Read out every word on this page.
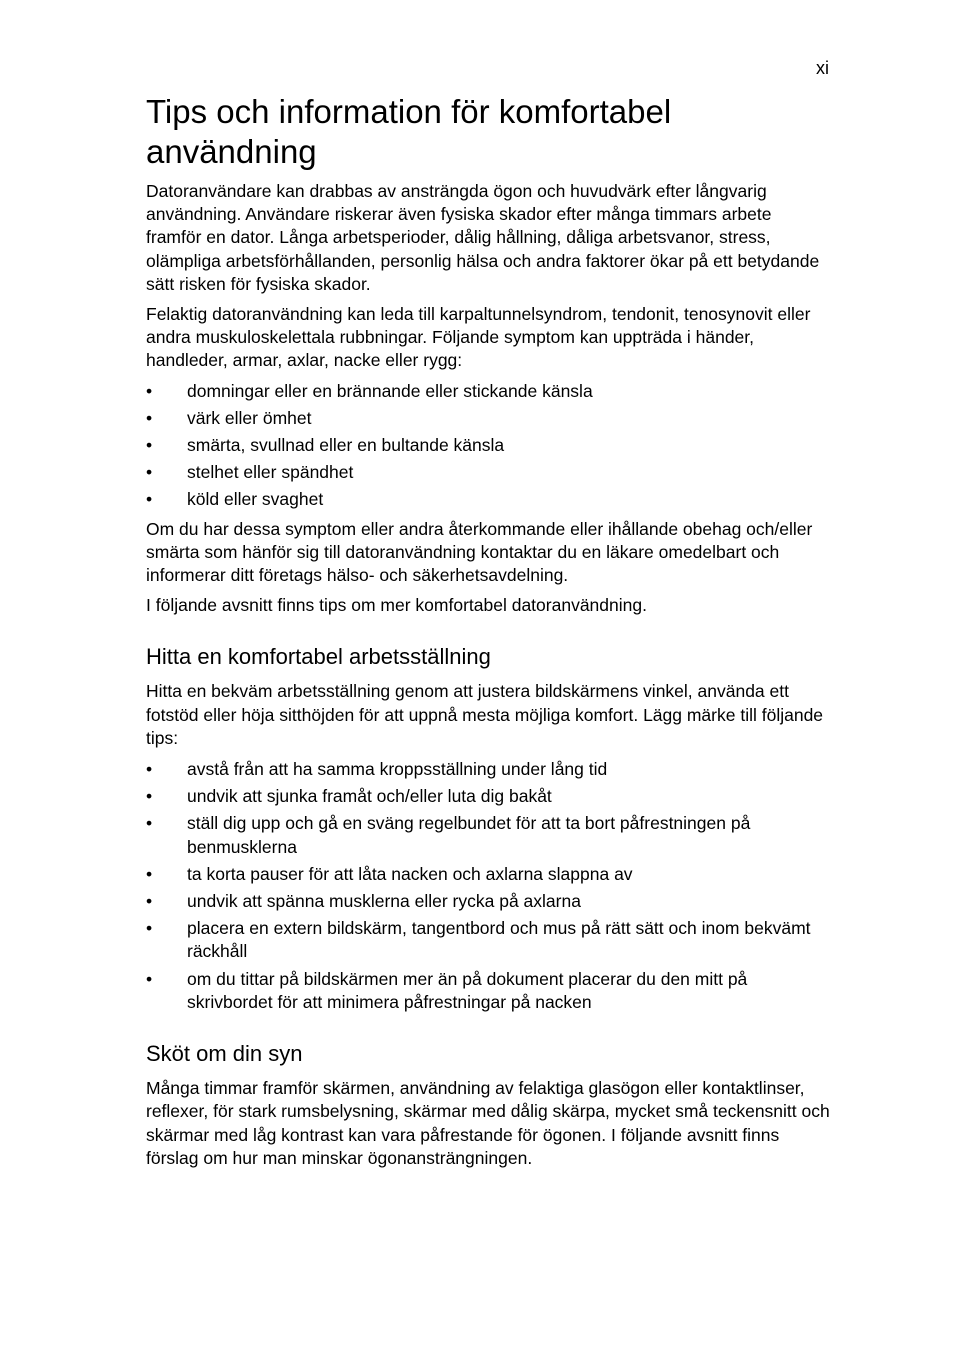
xi
Tips och information för komfortabel användning

Datoranvändare kan drabbas av ansträngda ögon och huvudvärk efter långvarig användning. Användare riskerar även fysiska skador efter många timmars arbete framför en dator. Långa arbetsperioder, dålig hållning, dåliga arbetsvanor, stress, olämpliga arbetsförhållanden, personlig hälsa och andra faktorer ökar på ett betydande sätt risken för fysiska skador.

Felaktig datoranvändning kan leda till karpaltunnelsyndrom, tendonit, tenosynovit eller andra muskuloskelettala rubbningar. Följande symptom kan uppträda i händer, handleder, armar, axlar, nacke eller rygg:

• domningar eller en brännande eller stickande känsla
• värk eller ömhet
• smärta, svullnad eller en bultande känsla
• stelhet eller spändhet
• köld eller svaghet

Om du har dessa symptom eller andra återkommande eller ihållande obehag och/eller smärta som hänför sig till datoranvändning kontaktar du en läkare omedelbart och informerar ditt företags hälso- och säkerhetsavdelning.

I följande avsnitt finns tips om mer komfortabel datoranvändning.

Hitta en komfortabel arbetsställning

Hitta en bekväm arbetsställning genom att justera bildskärmens vinkel, använda ett fotstöd eller höja sitthöjden för att uppnå mesta möjliga komfort. Lägg märke till följande tips:

• avstå från att ha samma kroppsställning under lång tid
• undvik att sjunka framåt och/eller luta dig bakåt
• ställ dig upp och gå en sväng regelbundet för att ta bort påfrestningen på benmusklerna
• ta korta pauser för att låta nacken och axlarna slappna av
• undvik att spänna musklerna eller rycka på axlarna
• placera en extern bildskärm, tangentbord och mus på rätt sätt och inom bekvämt räckhåll
• om du tittar på bildskärmen mer än på dokument placerar du den mitt på skrivbordet för att minimera påfrestningar på nacken
Sköt om din syn

Många timmar framför skärmen, användning av felaktiga glasögon eller kontaktlinser, reflexer, för stark rumsbelysning, skärmar med dålig skärpa, mycket små teckensnitt och skärmar med låg kontrast kan vara påfrestande för ögonen. I följande avsnitt finns förslag om hur man minskar ögonansträngningen.
